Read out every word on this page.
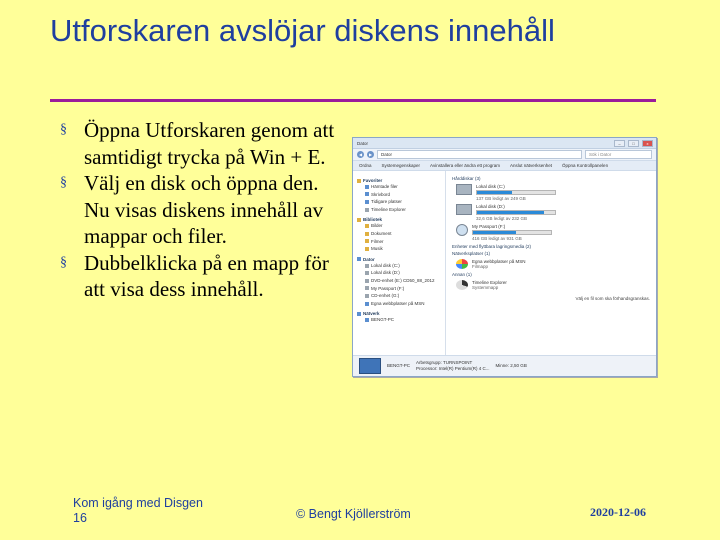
Utforskaren avslöjar diskens innehåll
§ Öppna Utforskaren genom att samtidigt trycka på Win + E.
§ Välj en disk och öppna den. Nu visas diskens innehåll av mappar och filer.
§ Dubbelklicka på en mapp för att visa dess innehåll.
Dator	–	□	x
◀	▶	Dator	Sök i Dator
Ordna Systemegenskaper Avinstallera eller ändra ett program Anslut nätverksenhet Öppna Kontrollpanelen
Favoriter
Hämtade filer
Skrivbord
Tidigare platser
Timeline Explorer
Bibliotek
Bilder
Dokument
Filmer
Musik
Dator
Lokal disk (C:)
Lokal disk (D:)
DVD-enhet (E:) CD50_88_2012
My Passport (F:)
CD-enhet (G:)
Egna webbplatser på MSN
Nätverk
BENGT-PC
Hårddiskar (3)
Lokal disk (C:)
137 GB ledigt av 249 GB
Lokal disk (D:)
32,6 GB ledigt av 232 GB
My Passport (F:)
416 GB ledigt av 931 GB
Enheter med flyttbara lagringsmedia (2)
Nätverksplatser (1)
Egna webbplatser på MSN
Filmapp
Annan (1)
Timeline Explorer
Systemmapp
Välj en fil som ska förhandsgranskas.
BENGT-PC
Arbetsgrupp: TURNSPOINT
Processor: Intel(R) Pentium(R) 4 C...
Minne: 2,50 GB
Kom igång med Disgen
16	© Bengt Kjöllerström	2020-12-06
